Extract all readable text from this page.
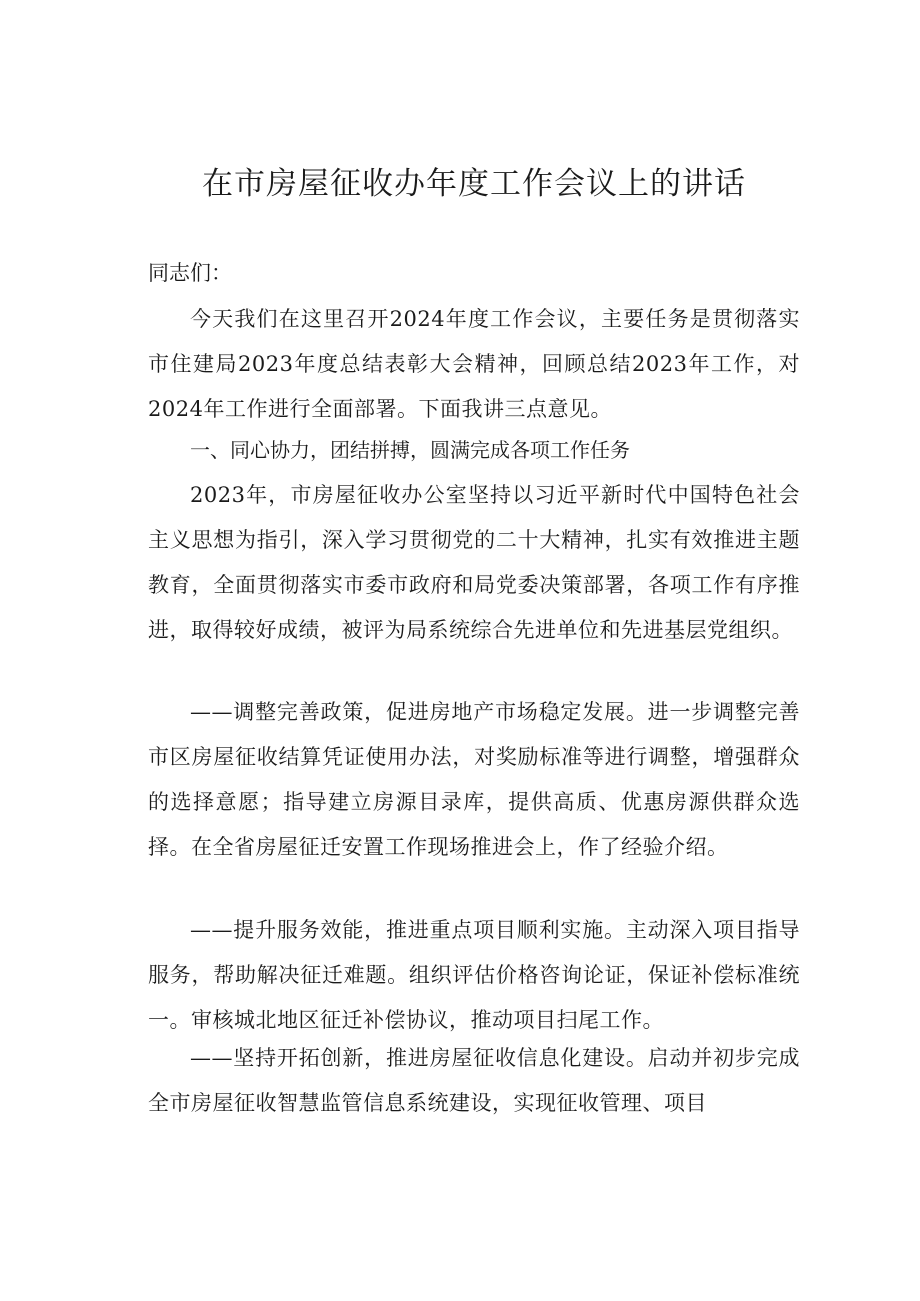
在市房屋征收办年度工作会议上的讲话
同志们：

今天我们在这里召开2024年度工作会议，主要任务是贯彻落实市住建局2023年度总结表彰大会精神，回顾总结2023年工作，对2024年工作进行全面部署。下面我讲三点意见。

一、同心协力，团结拼搏，圆满完成各项工作任务

2023年，市房屋征收办公室坚持以习近平新时代中国特色社会主义思想为指引，深入学习贯彻党的二十大精神，扎实有效推进主题教育，全面贯彻落实市委市政府和局党委决策部署，各项工作有序推进，取得较好成绩，被评为局系统综合先进单位和先进基层党组织。

——调整完善政策，促进房地产市场稳定发展。进一步调整完善市区房屋征收结算凭证使用办法，对奖励标准等进行调整，增强群众的选择意愿；指导建立房源目录库，提供高质、优惠房源供群众选择。在全省房屋征迁安置工作现场推进会上，作了经验介绍。

——提升服务效能，推进重点项目顺利实施。主动深入项目指导服务，帮助解决征迁难题。组织评估价格咨询论证，保证补偿标准统一。审核城北地区征迁补偿协议，推动项目扫尾工作。

——坚持开拓创新，推进房屋征收信息化建设。启动并初步完成全市房屋征收智慧监管信息系统建设，实现征收管理、项目
